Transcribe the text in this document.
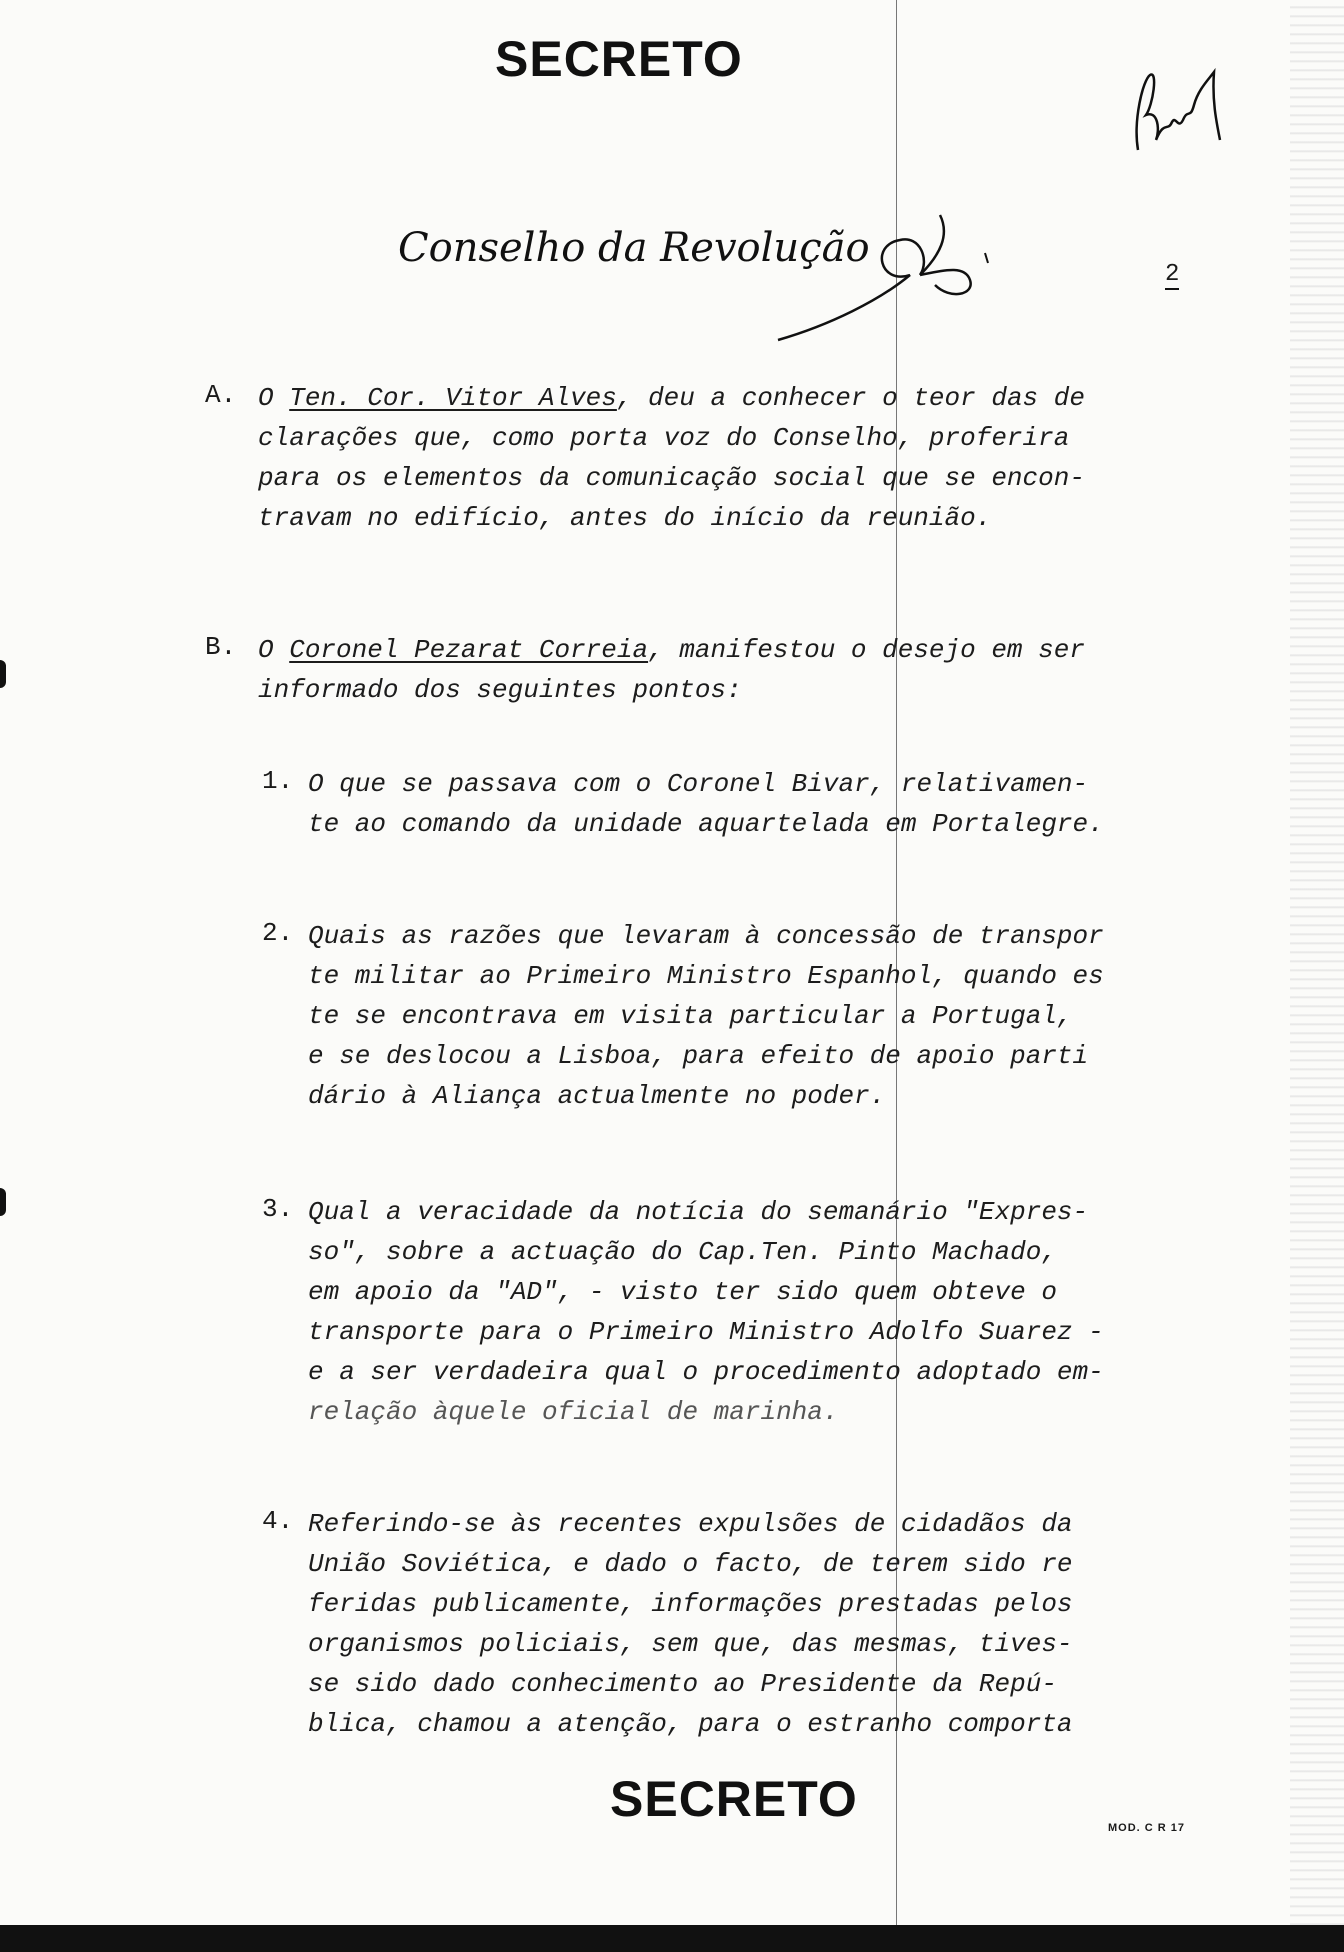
SECRETO
Conselho da Revolução
2
A. O Ten. Cor. Vitor Alves, deu a conhecer o teor das de
clarações que, como porta voz do Conselho, proferira
para os elementos da comunicação social que se encon-
travam no edifício, antes do início da reunião.
B. O Coronel Pezarat Correia, manifestou o desejo em ser
informado dos seguintes pontos:
1. O que se passava com o Coronel Bivar, relativamen-
te ao comando da unidade aquartelada em Portalegre.
2. Quais as razões que levaram à concessão de transpor
te militar ao Primeiro Ministro Espanhol, quando es
te se encontrava em visita particular a Portugal,
e se deslocou a Lisboa, para efeito de apoio parti
dário à Aliança actualmente no poder.
3. Qual a veracidade da notícia do semanário "Expres-
so", sobre a actuação do Cap.Ten. Pinto Machado,
em apoio da "AD", - visto ter sido quem obteve o
transporte para o Primeiro Ministro Adolfo Suarez -
e a ser verdadeira qual o procedimento adoptado em-
relação àquele oficial de marinha.
4. Referindo-se às recentes expulsões de cidadãos da
União Soviética, e dado o facto, de terem sido re
feridas publicamente, informações prestadas pelos
organismos policiais, sem que, das mesmas, tives-
se sido dado conhecimento ao Presidente da Repú-
blica, chamou a atenção, para o estranho comporta
SECRETO
MOD. C R 17
